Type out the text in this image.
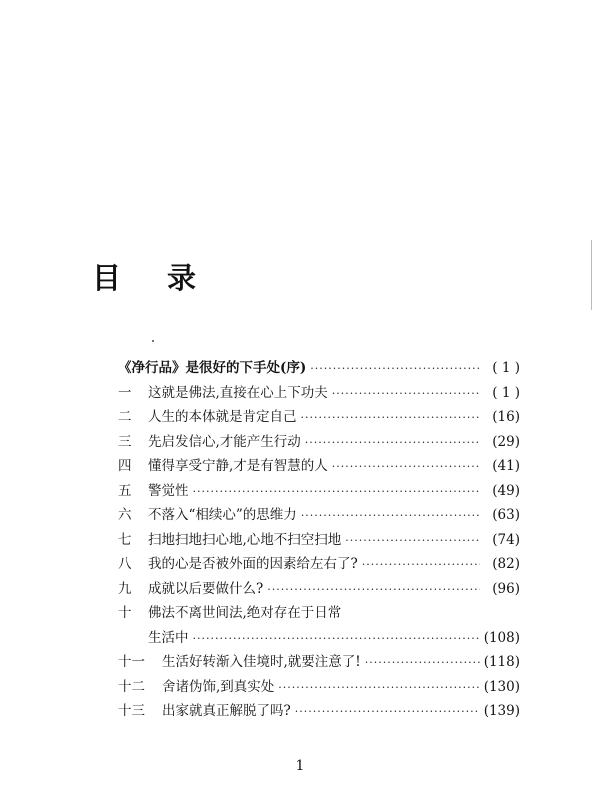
目 录
《净行品》是很好的下手处(序) ·····	( 1 )
一	这就是佛法,直接在心上下功夫 ·····	( 1 )
二	人生的本体就是肯定自己 ·····	(16)
三	先启发信心,才能产生行动 ·····	(29)
四	懂得享受宁静,才是有智慧的人 ·····	(41)
五	警觉性 ·····	(49)
六	不落入“相续心”的思维力 ·····	(63)
七	扫地扫地扫心地,心地不扫空扫地 ·····	(74)
八	我的心是否被外面的因素给左右了? ·····	(82)
九	成就以后要做什么? ·····	(96)
十	佛法不离世间法,绝对存在于日常
生活中 ·····	(108)
十一	生活好转渐入佳境时,就要注意了! ·····	(118)
十二	舍诸伪饰,到真实处 ·····	(130)
十三	出家就真正解脱了吗? ·····	(139)
1
